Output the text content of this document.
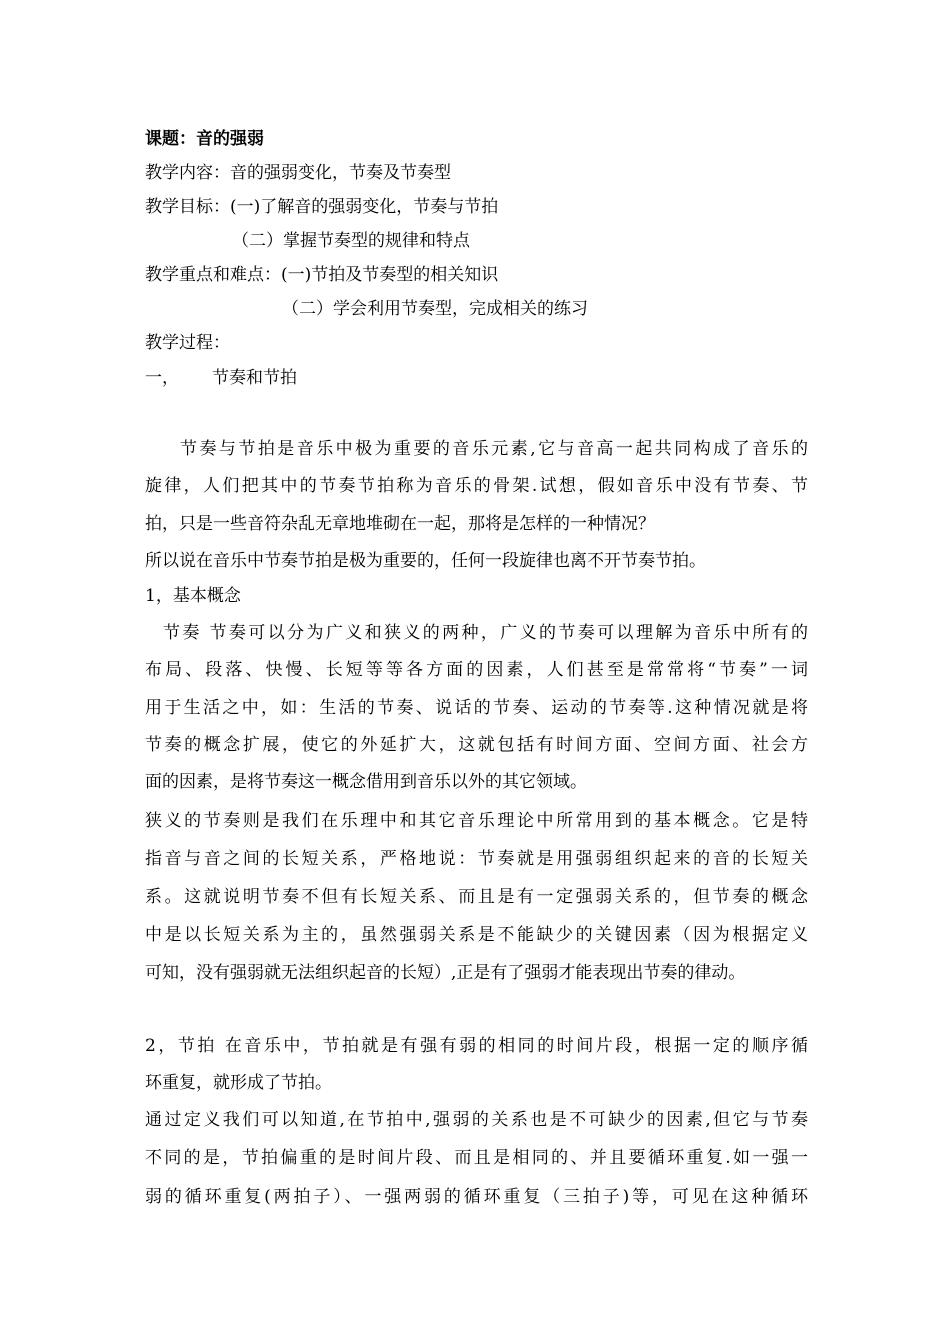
课题：音的强弱
教学内容：音的强弱变化，节奏及节奏型
教学目标：(一)了解音的强弱变化，节奏与节拍
（二）掌握节奏型的规律和特点
教学重点和难点：(一)节拍及节奏型的相关知识
（二）学会利用节奏型，完成相关的练习
教学过程：
一， 节奏和节拍
节奏与节拍是音乐中极为重要的音乐元素,它与音高一起共同构成了音乐的
旋律，人们把其中的节奏节拍称为音乐的骨架.试想，假如音乐中没有节奏、节
拍，只是一些音符杂乱无章地堆砌在一起，那将是怎样的一种情况？
所以说在音乐中节奏节拍是极为重要的，任何一段旋律也离不开节奏节拍。
1，基本概念
节奏 节奏可以分为广义和狭义的两种，广义的节奏可以理解为音乐中所有的
布局、段落、快慢、长短等等各方面的因素，人们甚至是常常将“节奏”一词
用于生活之中，如：生活的节奏、说话的节奏、运动的节奏等.这种情况就是将
节奏的概念扩展，使它的外延扩大，这就包括有时间方面、空间方面、社会方
面的因素，是将节奏这一概念借用到音乐以外的其它领域。
狭义的节奏则是我们在乐理中和其它音乐理论中所常用到的基本概念。它是特
指音与音之间的长短关系，严格地说：节奏就是用强弱组织起来的音的长短关
系。这就说明节奏不但有长短关系、而且是有一定强弱关系的，但节奏的概念
中是以长短关系为主的，虽然强弱关系是不能缺少的关键因素（因为根据定义
可知，没有强弱就无法组织起音的长短）,正是有了强弱才能表现出节奏的律动。
2，节拍 在音乐中，节拍就是有强有弱的相同的时间片段，根据一定的顺序循
环重复，就形成了节拍。
通过定义我们可以知道,在节拍中,强弱的关系也是不可缺少的因素,但它与节奏
不同的是，节拍偏重的是时间片段、而且是相同的、并且要循环重复.如一强一
弱的循环重复(两拍子）、一强两弱的循环重复（三拍子)等，可见在这种循环
